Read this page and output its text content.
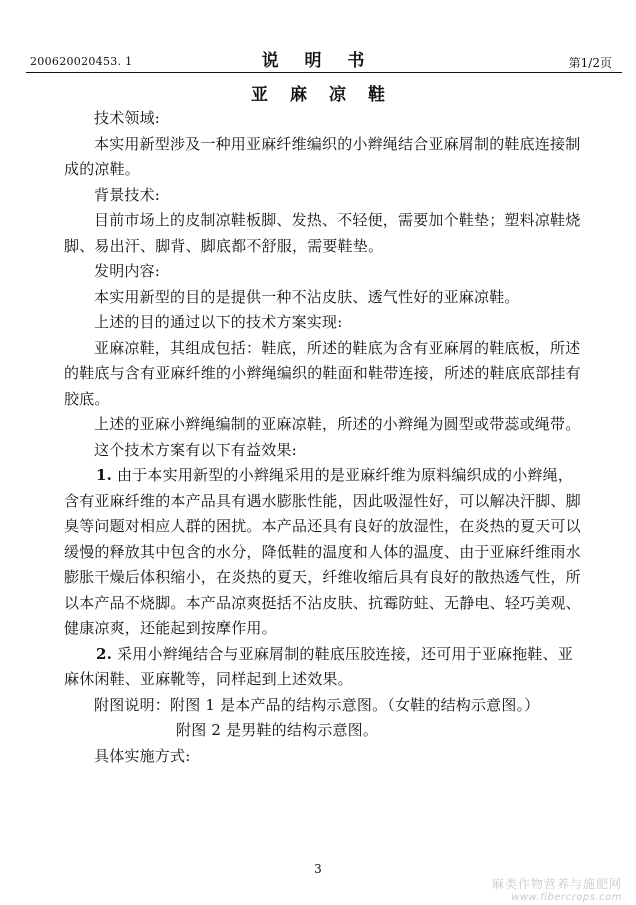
200620020453. 1	说 明 书	第1/2页
亚麻凉鞋

技术领域:

本实用新型涉及一种用亚麻纤维编织的小辫绳结合亚麻屑制的鞋底连接制成的凉鞋。

背景技术:

目前市场上的皮制凉鞋板脚、发热、不轻便，需要加个鞋垫；塑料凉鞋烧脚、易出汗、脚背、脚底都不舒服，需要鞋垫。

发明内容:

本实用新型的目的是提供一种不沾皮肤、透气性好的亚麻凉鞋。

上述的目的通过以下的技术方案实现:

亚麻凉鞋，其组成包括：鞋底，所述的鞋底为含有亚麻屑的鞋底板，所述的鞋底与含有亚麻纤维的小辫绳编织的鞋面和鞋带连接，所述的鞋底底部挂有胶底。

上述的亚麻小辫绳编制的亚麻凉鞋，所述的小辫绳为圆型或带蕊或绳带。

这个技术方案有以下有益效果:

1. 由于本实用新型的小辫绳采用的是亚麻纤维为原料编织成的小辫绳，含有亚麻纤维的本产品具有遇水膨胀性能，因此吸湿性好，可以解决汗脚、脚臭等问题对相应人群的困扰。本产品还具有良好的放湿性，在炎热的夏天可以缓慢的释放其中包含的水分，降低鞋的温度和人体的温度、由于亚麻纤维雨水膨胀干燥后体积缩小，在炎热的夏天，纤维收缩后具有良好的散热透气性，所以本产品不烧脚。本产品凉爽挺括不沾皮肤、抗霉防蛀、无静电、轻巧美观、健康凉爽，还能起到按摩作用。

2. 采用小辫绳结合与亚麻屑制的鞋底压胶连接，还可用于亚麻拖鞋、亚麻休闲鞋、亚麻靴等，同样起到上述效果。

附图说明：附图 1 是本产品的结构示意图。（女鞋的结构示意图。）

附图 2 是男鞋的结构示意图。

具体实施方式:

3
麻类作物营养与施肥网
www.fibercrops.com
